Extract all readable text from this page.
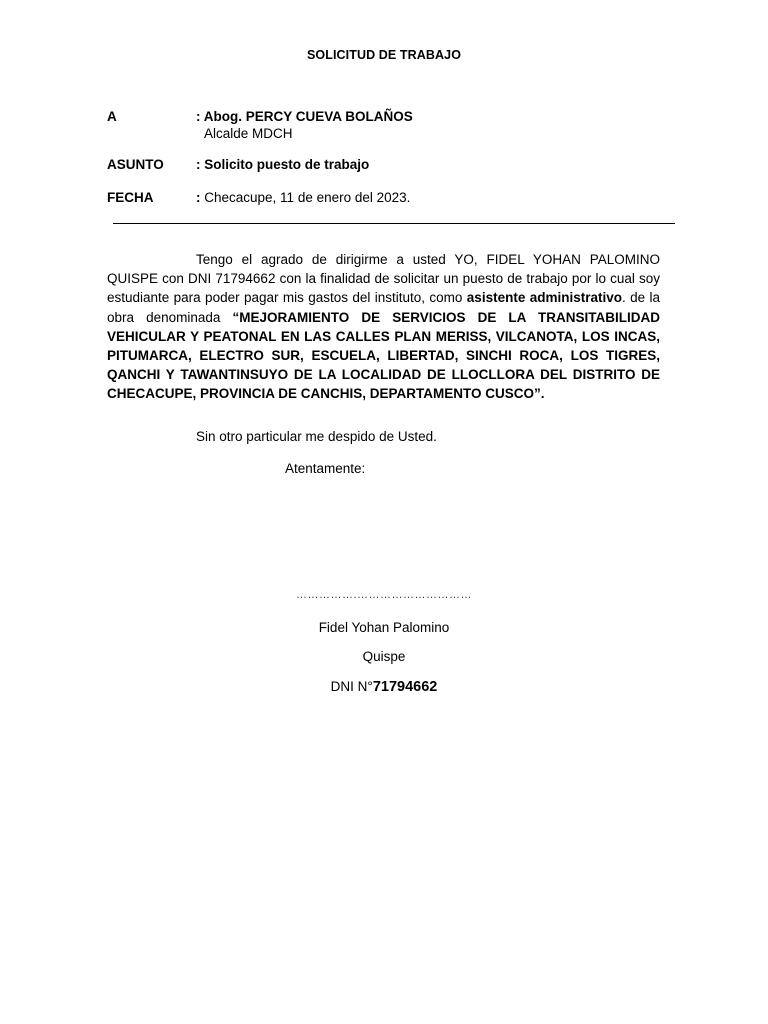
SOLICITUD DE TRABAJO
A	: Abog. PERCY CUEVA BOLAÑOS
Alcalde MDCH
ASUNTO : Solicito puesto de trabajo
FECHA	: Checacupe, 11 de enero del 2023.

Tengo el agrado de dirigirme a usted YO, FIDEL YOHAN PALOMINO QUISPE con DNI 71794662 con la finalidad de solicitar un puesto de trabajo por lo cual soy estudiante para poder pagar mis gastos del instituto, como asistente administrativo. de la obra denominada “MEJORAMIENTO DE SERVICIOS DE LA TRANSITABILIDAD VEHICULAR Y PEATONAL EN LAS CALLES PLAN MERISS, VILCANOTA, LOS INCAS, PITUMARCA, ELECTRO SUR, ESCUELA, LIBERTAD, SINCHI ROCA, LOS TIGRES, QANCHI Y TAWANTINSUYO DE LA LOCALIDAD DE LLOCLLORA DEL DISTRITO DE CHECACUPE, PROVINCIA DE CANCHIS, DEPARTAMENTO CUSCO”.

Sin otro particular me despido de Usted.
Atentamente:
…………….…………………………
Fidel Yohan Palomino
Quispe
DNI N°71794662
